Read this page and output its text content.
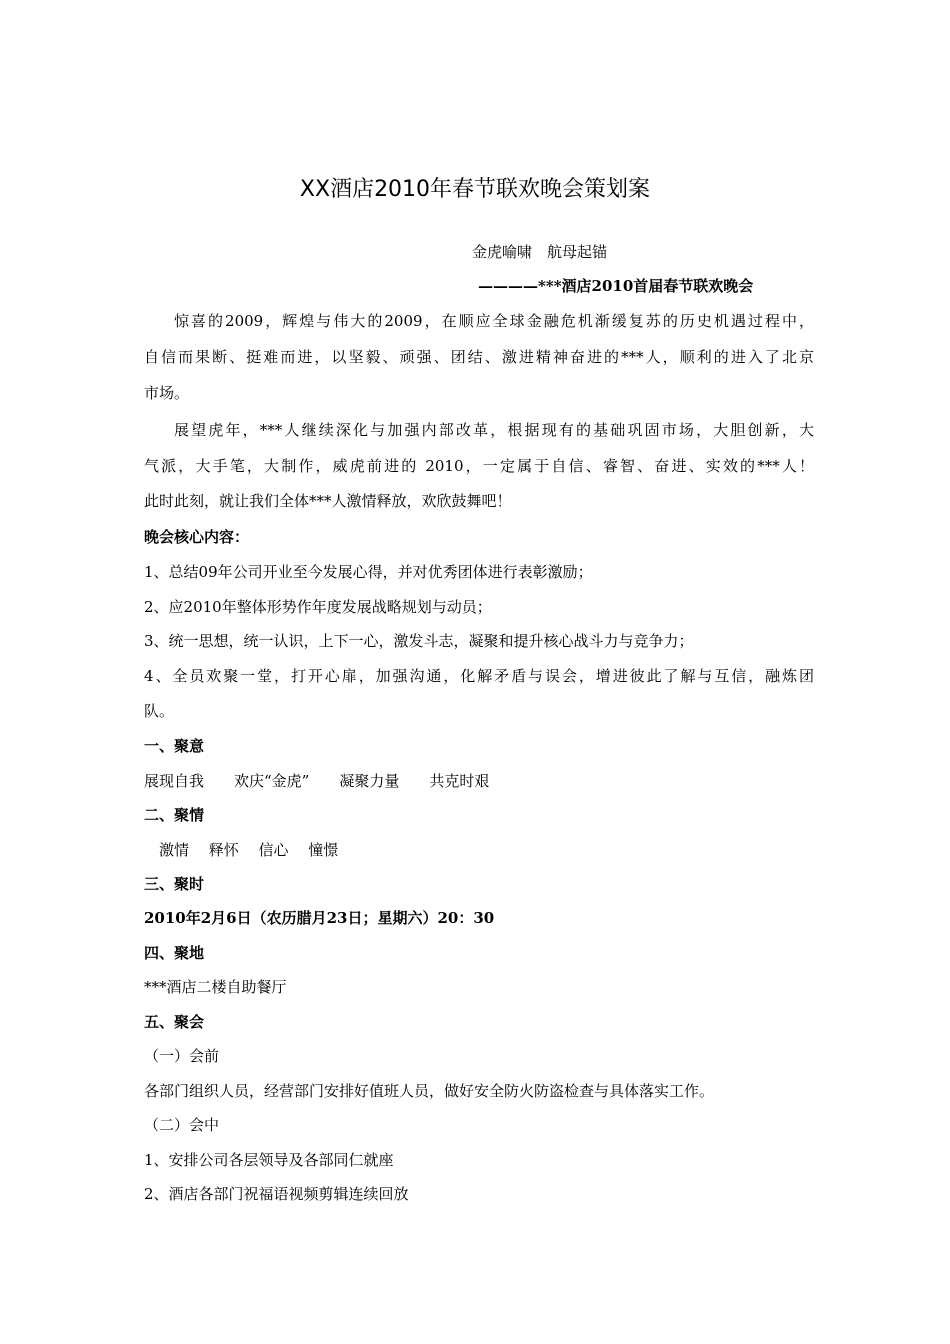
XX酒店2010年春节联欢晚会策划案
金虎喻啸　航母起锚
————***酒店2010首届春节联欢晚会
惊喜的2009，辉煌与伟大的2009，在顺应全球金融危机渐缓复苏的历史机遇过程中，
自信而果断、挺难而进，以坚毅、顽强、团结、激进精神奋进的***人，顺利的进入了北京
市场。
展望虎年，***人继续深化与加强内部改革，根据现有的基础巩固市场，大胆创新，大
气派，大手笔，大制作，威虎前进的 2010，一定属于自信、睿智、奋进、实效的***人！
此时此刻，就让我们全体***人激情释放，欢欣鼓舞吧！
晚会核心内容：
1、总结09年公司开业至今发展心得，并对优秀团体进行表彰激励；
2、应2010年整体形势作年度发展战略规划与动员；
3、统一思想，统一认识，上下一心，激发斗志，凝聚和提升核心战斗力与竞争力；
4、全员欢聚一堂，打开心扉，加强沟通，化解矛盾与误会，增进彼此了解与互信，融炼团
队。
一、聚意
展现自我　　欢庆“金虎”　　凝聚力量　　共克时艰
二、聚情
　激情　 释怀　 信心　 憧憬
三、聚时
2010年2月6日（农历腊月23日；星期六）20：30
四、聚地
***酒店二楼自助餐厅
五、聚会
（一）会前
各部门组织人员，经营部门安排好值班人员，做好安全防火防盗检查与具体落实工作。
（二）会中
1、安排公司各层领导及各部同仁就座
2、酒店各部门祝福语视频剪辑连续回放
